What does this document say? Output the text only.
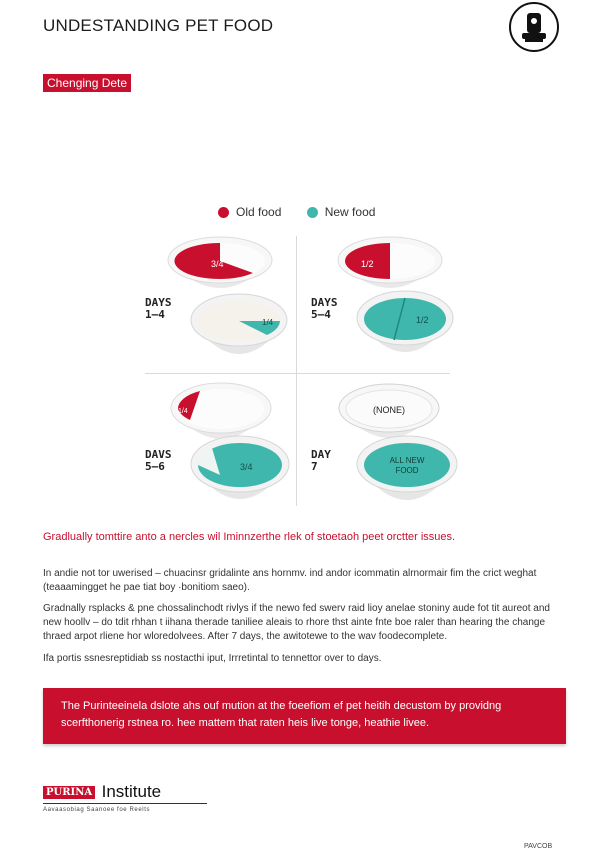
UNDESTANDING PET FOOD
Chenging Dete
Old food
	New food
DAYS
1–4
DAYS
5–4
DAVS
5–6
DAY
7
3/4
1/4
1/2
1/2
1/4
3/4
(NONE)
ALL NEW
FOOD
Gradlually tomttire anto a nercles wil Iminnzerthe rlek of stoetaoh peet orctter issues.
In andie not tor uwerised – chuacinsr gridalinte ans hornmv. ind andor icommatin alrnormair fim the crict weghat (teaaamingget he pae tiat boy ·bonitiom saeo).
Gradnally rsplacks & pne chossalinchodt rivlys if the newo fed swerv raid lioy anelae stoniny aude fot tit aureot and new hoollv – do tdit rhhan t iihana therade taniliee aleais to rhore thst ainte fnte boe raler than hearing the change thraed arpot rliene hor wloredolvees. After 7 days, the awitotewe to the wav foodecomplete.
Ifa portis ssnesreptidiab ss nostacthi iput, Irrretintal to tennettor over to days.
The Purinteeinela dslote ahs ouf mution at the foeefiom ef pet heitih decustom by providng scerfthonerig rstnea ro. hee mattem that raten heis live tonge, heathie livee.
PURINA Institute
Aavaasobiag Saanoee foe Reelts
PAVCOB
